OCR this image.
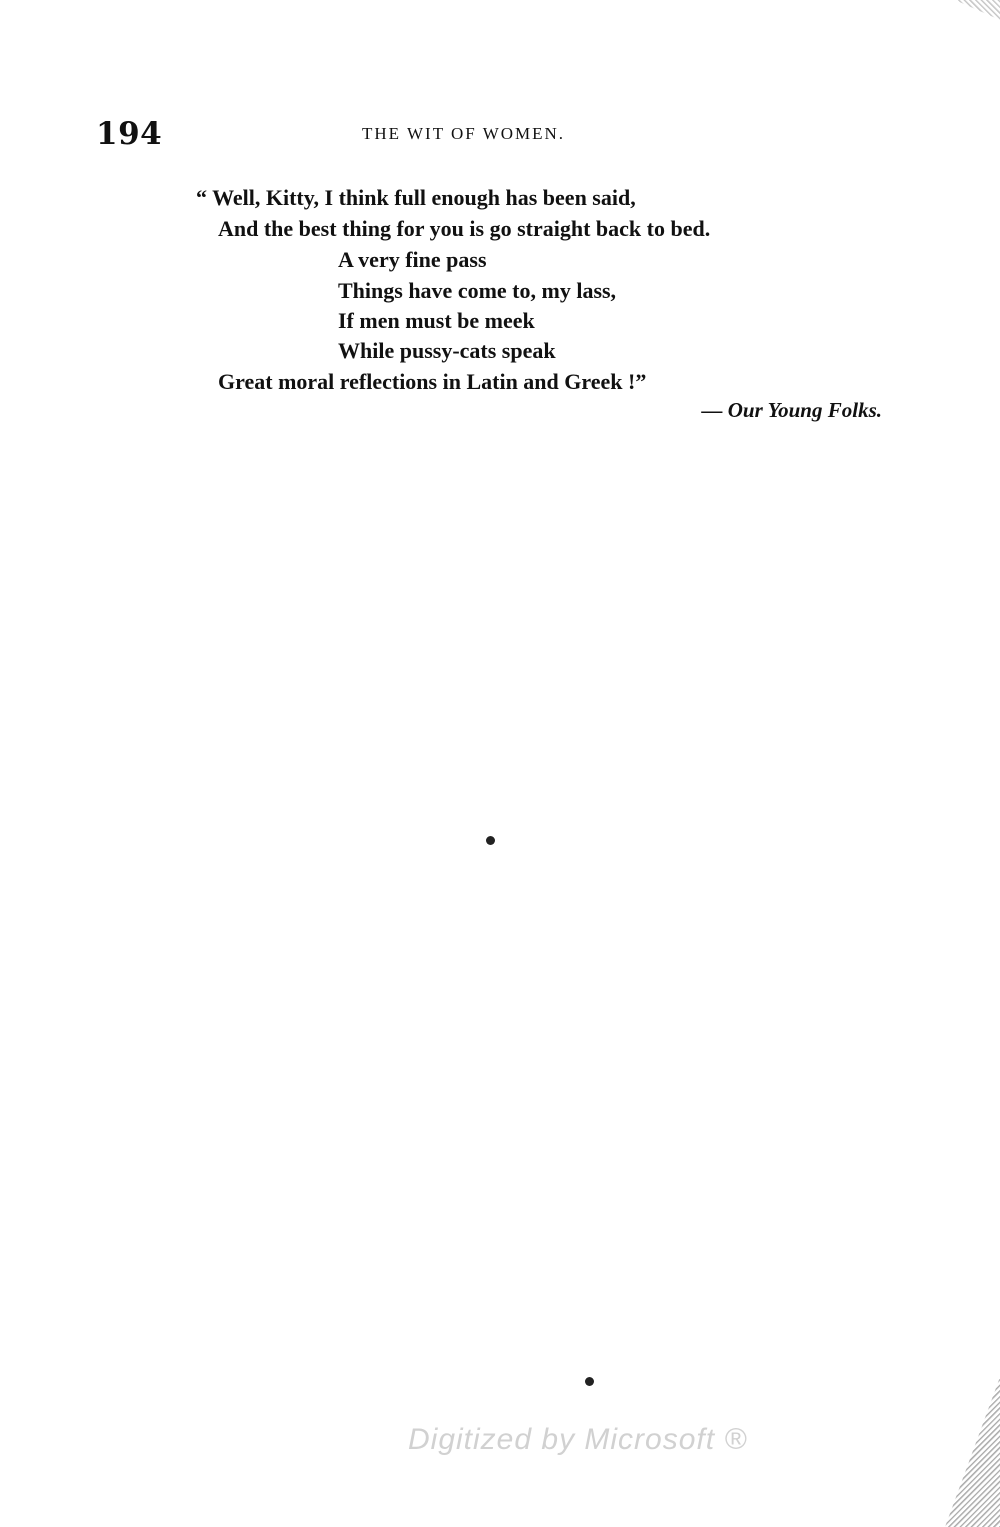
194	THE WIT OF WOMEN.
“ Well, Kitty, I think full enough has been said,
And the best thing for you is go straight back to bed.
A very fine pass
Things have come to, my lass,
If men must be meek
While pussy-cats speak
Great moral reflections in Latin and Greek !”
— Our Young Folks.
Digitized by Microsoft ®
